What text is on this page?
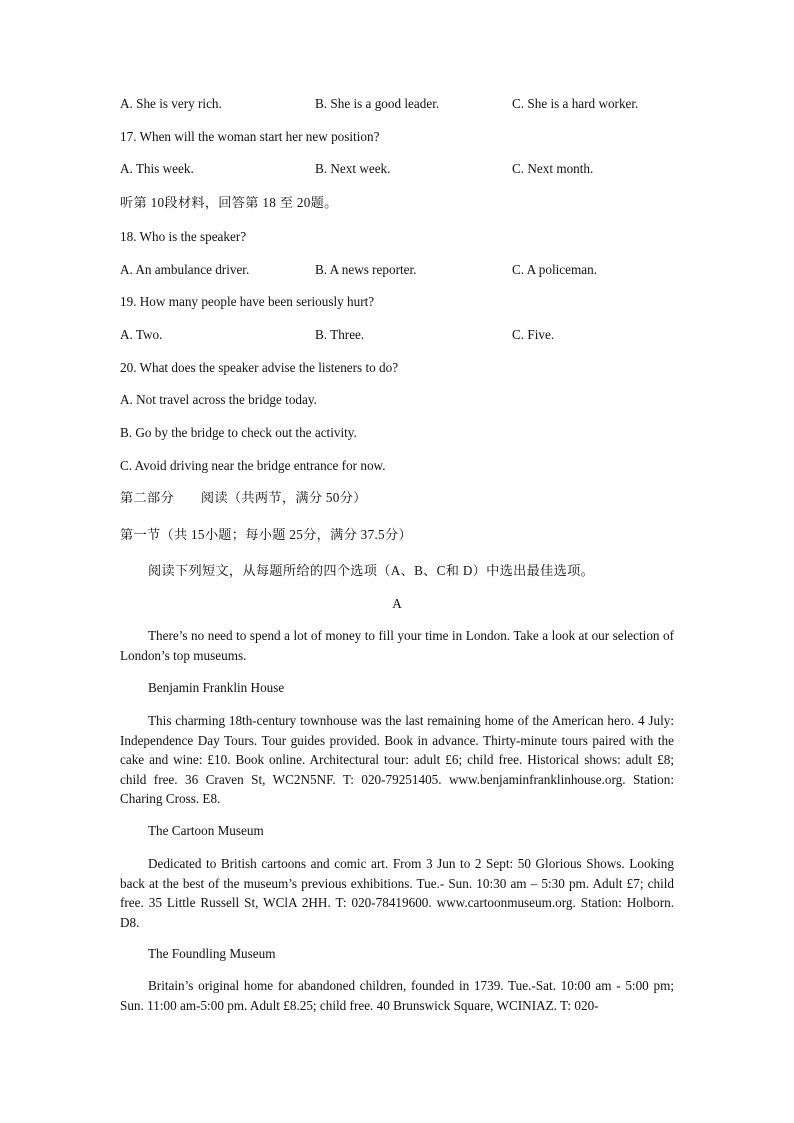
A. She is very rich.	B. She is a good leader.	C. She is a hard worker.
17. When will the woman start her new position?
A. This week.	B. Next week.	C. Next month.
听第 10段材料，回答第 18 至 20题。
18. Who is the speaker?
A. An ambulance driver.	B. A news reporter.	C. A policeman.
19. How many people have been seriously hurt?
A. Two.	B. Three.	C. Five.
20. What does the speaker advise the listeners to do?
A. Not travel across the bridge today.
B. Go by the bridge to check out the activity.
C. Avoid driving near the bridge entrance for now.
第二部分　　阅读（共两节，满分 50分）
第一节（共 15小题；每小题 25分，满分 37.5分）
阅读下列短文，从每题所给的四个选项（A、B、C和 D）中选出最佳选项。
A
There’s no need to spend a lot of money to fill your time in London. Take a look at our selection of London’s top museums.
Benjamin Franklin House
This charming 18th-century townhouse was the last remaining home of the American hero. 4 July: Independence Day Tours. Tour guides provided. Book in advance. Thirty-minute tours paired with the cake and wine: £10. Book online. Architectural tour: adult £6; child free. Historical shows: adult £8; child free. 36 Craven St, WC2N5NF. T: 020-79251405. www.benjaminfranklinhouse.org. Station: Charing Cross. E8.
The Cartoon Museum
Dedicated to British cartoons and comic art. From 3 Jun to 2 Sept: 50 Glorious Shows. Looking back at the best of the museum’s previous exhibitions. Tue.- Sun. 10:30 am – 5:30 pm. Adult £7; child free. 35 Little Russell St, WClA 2HH. T: 020-78419600. www.cartoonmuseum.org. Station: Holborn. D8.
The Foundling Museum
Britain’s original home for abandoned children, founded in 1739. Tue.-Sat. 10:00 am - 5:00 pm; Sun. 11:00 am-5:00 pm. Adult £8.25; child free. 40 Brunswick Square, WCINIAZ. T: 020-
